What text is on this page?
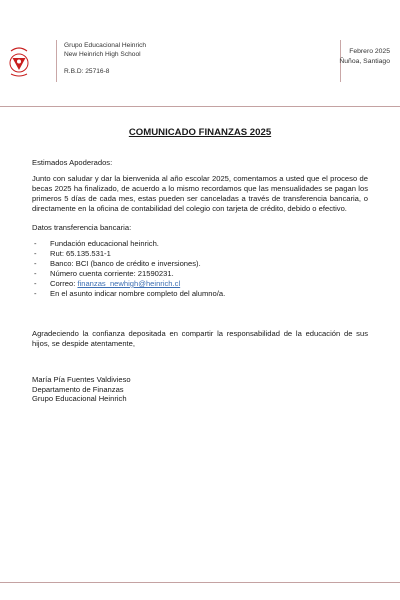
Grupo Educacional Heinrich
New Heinrich High School
R.B.D: 25716-8
Febrero 2025
Ñuñoa, Santiago
COMUNICADO FINANZAS 2025

Estimados Apoderados:

Junto con saludar y dar la bienvenida al año escolar 2025, comentamos a usted que el proceso de becas 2025 ha finalizado, de acuerdo a lo mismo recordamos que las mensualidades se pagan los primeros 5 días de cada mes, estas pueden ser canceladas a través de transferencia bancaria, o directamente en la oficina de contabilidad del colegio con tarjeta de crédito, debido o efectivo.

Datos transferencia bancaria:

- Fundación educacional heinrich.
- Rut: 65.135.531-1
- Banco: BCI (banco de crédito e inversiones).
- Número cuenta corriente: 21590231.
- Correo: finanzas_newhigh@heinrich.cl
- En el asunto indicar nombre completo del alumno/a.

Agradeciendo la confianza depositada en compartir la responsabilidad de la educación de sus hijos, se despide atentamente,

María Pía Fuentes Valdivieso
Departamento de Finanzas
Grupo Educacional Heinrich
